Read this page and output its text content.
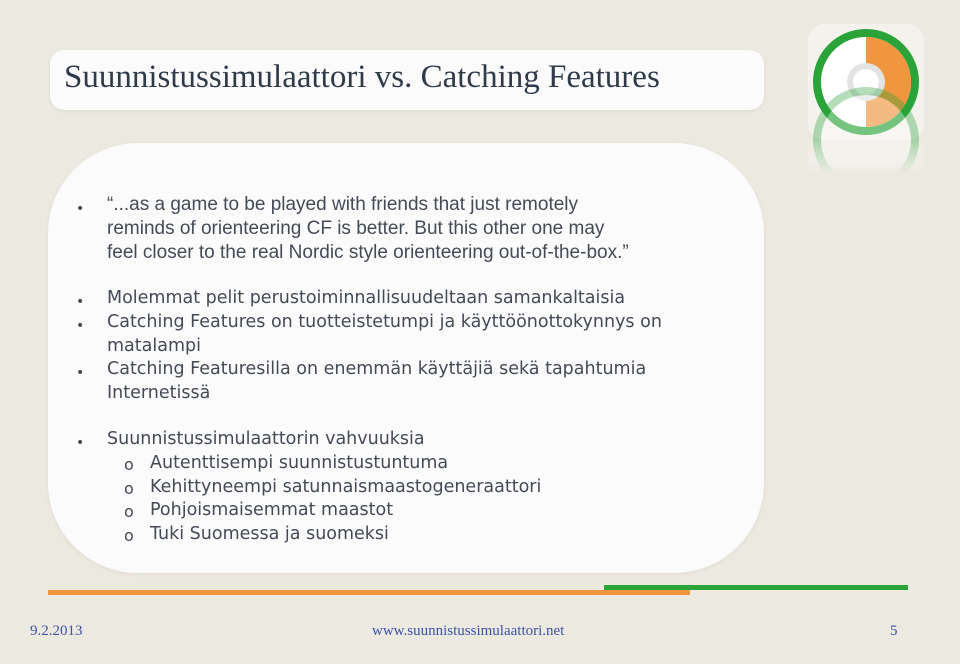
Suunnistussimulaattori vs. Catching Features
• “...as a game to be played with friends that just remotely
reminds of orienteering CF is better. But this other one may
feel closer to the real Nordic style orienteering out-of-the-box.”
• Molemmat pelit perustoiminnallisuudeltaan samankaltaisia
• Catching Features on tuotteistetumpi ja käyttöönottokynnys on
matalampi
• Catching Featuresilla on enemmän käyttäjiä sekä tapahtumia
Internetissä
• Suunnistussimulaattorin vahvuuksia
o Autenttisempi suunnistustuntuma
o Kehittyneempi satunnaismaastogeneraattori
o Pohjoismaisemmat maastot
o Tuki Suomessa ja suomeksi
9.2.2013	www.suunnistussimulaattori.net	5
